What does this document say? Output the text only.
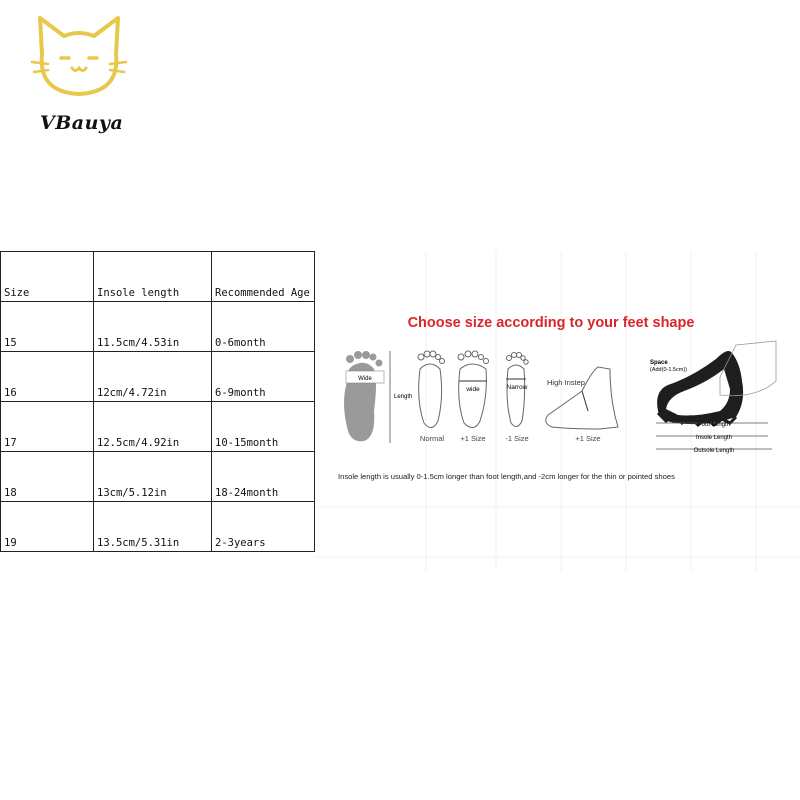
VBauya
Size	Insole length	Recommended Age
15	11.5cm/4.53in	0-6month
16	12cm/4.72in	6-9month
17	12.5cm/4.92in	10-15month
18	13cm/5.12in	18-24month
19	13.5cm/5.31in	2-3years
Choose size according to your feet shape
Wide
Length
Normal
wide
+1 Size
Narrow
-1 Size
High Instep
+1 Size
Space
(Add(0-1.5cm))
Foot Length
Insole Length
Outsole Length
Insole length is usually 0-1.5cm longer than foot length,and -2cm longer for the thin or pointed shoes
